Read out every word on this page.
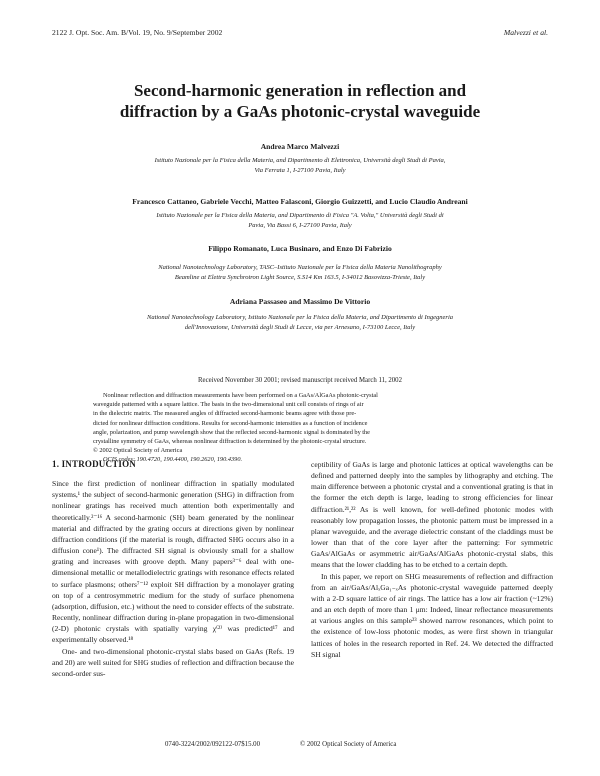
2122 J. Opt. Soc. Am. B/Vol. 19, No. 9/September 2002	Malvezzi et al.
Second-harmonic generation in reflection and
diffraction by a GaAs photonic-crystal waveguide
Andrea Marco Malvezzi
Istituto Nazionale per la Fisica della Materia, and Dipartimento di Elettronica, Università degli Studi di Pavia,
Via Ferrata 1, I-27100 Pavia, Italy
Francesco Cattaneo, Gabriele Vecchi, Matteo Falasconi, Giorgio Guizzetti, and Lucio Claudio Andreani
Istituto Nazionale per la Fisica della Materia, and Dipartimento di Fisica "A. Volta," Università degli Studi di
Pavia, Via Bassi 6, I-27100 Pavia, Italy
Filippo Romanato, Luca Businaro, and Enzo Di Fabrizio
National Nanotechnology Laboratory, TASC–Istituto Nazionale per la Fisica della Materia Nanolithography
Beamline at Elettra Synchrotron Light Source, S.S14 Km 163.5, I-34012 Basovizza-Trieste, Italy
Adriana Passaseo and Massimo De Vittorio
National Nanotechnology Laboratory, Istituto Nazionale per la Fisica della Materia, and Dipartimento di Ingegneria
dell'Innovazione, Università degli Studi di Lecce, via per Arnesano, I-73100 Lecce, Italy
Received November 30 2001; revised manuscript received March 11, 2002
Nonlinear reflection and diffraction measurements have been performed on a GaAs/AlGaAs photonic-crystal
waveguide patterned with a square lattice. The basis in the two-dimensional unit cell consists of rings of air
in the dielectric matrix. The measured angles of diffracted second-harmonic beams agree with those pre-
dicted for nonlinear diffraction conditions. Results for second-harmonic intensities as a function of incidence
angle, polarization, and pump wavelength show that the reflected second-harmonic signal is dominated by the
crystalline symmetry of GaAs, whereas nonlinear diffraction is determined by the photonic-crystal structure.
© 2002 Optical Society of America
OCIS codes: 190.4720, 190.4400, 190.2620, 190.4390.
1. INTRODUCTION

Since the first prediction of nonlinear diffraction in spatially modulated systems,¹ the subject of second-harmonic generation (SHG) in diffraction from nonlinear gratings has received much attention both experimentally and theoretically.²⁻¹⁶ A second-harmonic (SH) beam generated by the nonlinear material and diffracted by the grating occurs at directions given by nonlinear diffraction conditions (if the material is rough, diffracted SHG occurs also in a diffusion cone¹). The diffracted SH signal is obviously small for a shallow grating and increases with groove depth. Many papers³⁻⁶ deal with one-dimensional metallic or metallodielectric gratings with resonance effects related to surface plasmons; others⁷⁻¹² exploit SH diffraction by a monolayer grating on top of a centrosymmetric medium for the study of surface phenomena (adsorption, diffusion, etc.) without the need to consider effects of the substrate. Recently, nonlinear diffraction during in-plane propagation in two-dimensional (2-D) photonic crystals with spatially varying χ⁽²⁾ was predicted¹⁷ and experimentally observed.¹⁸

One- and two-dimensional photonic-crystal slabs based on GaAs (Refs. 19 and 20) are well suited for SHG studies of reflection and diffraction because the second-order sus-

ceptibility of GaAs is large and photonic lattices at optical wavelengths can be defined and patterned deeply into the samples by lithography and etching. The main difference between a photonic crystal and a conventional grating is that in the former the etch depth is large, leading to strong efficiencies for linear diffraction.²¹,²² As is well known, for well-defined photonic modes with reasonably low propagation losses, the photonic pattern must be impressed in a planar waveguide, and the average dielectric constant of the claddings must be lower than that of the core layer after the patterning: For symmetric GaAs/AlGaAs or asymmetric air/GaAs/AlGaAs photonic-crystal slabs, this means that the lower cladding has to be etched to a certain depth.

In this paper, we report on SHG measurements of reflection and diffraction from an air/GaAs/AlₓGa₁₋ₓAs photonic-crystal waveguide patterned deeply with a 2-D square lattice of air rings. The lattice has a low air fraction (~12%) and an etch depth of more than 1 μm: Indeed, linear reflectance measurements at various angles on this sample²³ showed narrow resonances, which point to the existence of low-loss photonic modes, as were first shown in triangular lattices of holes in the research reported in Ref. 24. We detected the diffracted SH signal

0740-3224/2002/092122-07$15.00	© 2002 Optical Society of America
